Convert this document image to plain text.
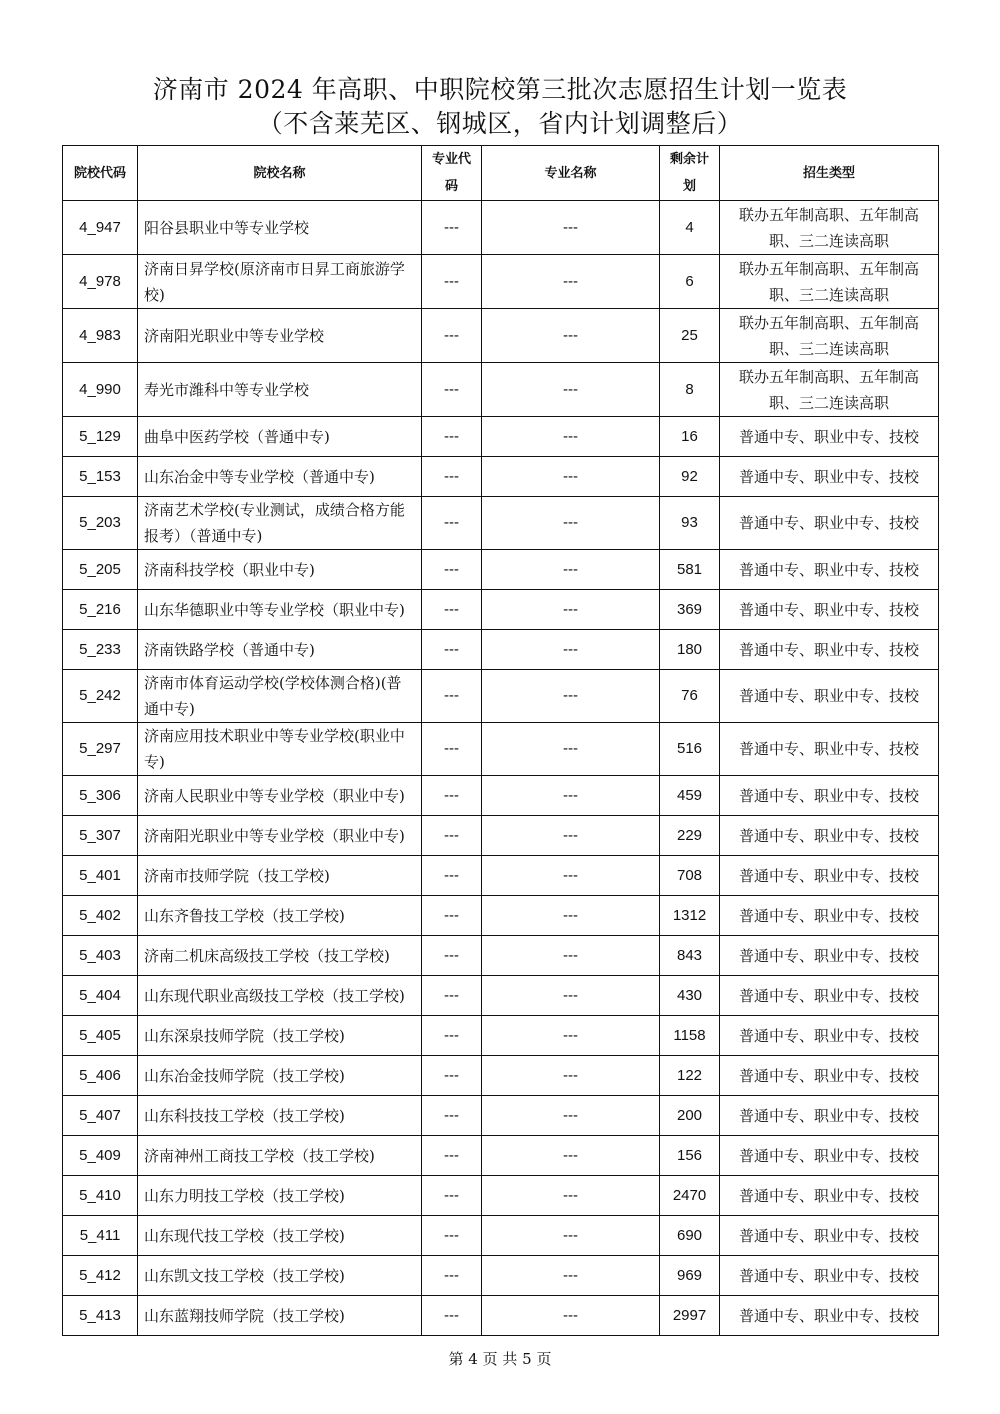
济南市 2024 年高职、中职院校第三批次志愿招生计划一览表
（不含莱芜区、钢城区，省内计划调整后）
院校代码	院校名称	专业代码	专业名称	剩余计划	招生类型
4_947	阳谷县职业中等专业学校	---	---	4	联办五年制高职、五年制高职、三二连读高职
4_978	济南日昇学校(原济南市日昇工商旅游学校)	---	---	6	联办五年制高职、五年制高职、三二连读高职
4_983	济南阳光职业中等专业学校	---	---	25	联办五年制高职、五年制高职、三二连读高职
4_990	寿光市潍科中等专业学校	---	---	8	联办五年制高职、五年制高职、三二连读高职
5_129	曲阜中医药学校（普通中专)	---	---	16	普通中专、职业中专、技校
5_153	山东冶金中等专业学校（普通中专)	---	---	92	普通中专、职业中专、技校
5_203	济南艺术学校(专业测试，成绩合格方能报考）（普通中专)	---	---	93	普通中专、职业中专、技校
5_205	济南科技学校（职业中专)	---	---	581	普通中专、职业中专、技校
5_216	山东华德职业中等专业学校（职业中专)	---	---	369	普通中专、职业中专、技校
5_233	济南铁路学校（普通中专)	---	---	180	普通中专、职业中专、技校
5_242	济南市体育运动学校(学校体测合格)(普通中专)	---	---	76	普通中专、职业中专、技校
5_297	济南应用技术职业中等专业学校(职业中专)	---	---	516	普通中专、职业中专、技校
5_306	济南人民职业中等专业学校（职业中专)	---	---	459	普通中专、职业中专、技校
5_307	济南阳光职业中等专业学校（职业中专)	---	---	229	普通中专、职业中专、技校
5_401	济南市技师学院（技工学校)	---	---	708	普通中专、职业中专、技校
5_402	山东齐鲁技工学校（技工学校)	---	---	1312	普通中专、职业中专、技校
5_403	济南二机床高级技工学校（技工学校)	---	---	843	普通中专、职业中专、技校
5_404	山东现代职业高级技工学校（技工学校)	---	---	430	普通中专、职业中专、技校
5_405	山东深泉技师学院（技工学校)	---	---	1158	普通中专、职业中专、技校
5_406	山东冶金技师学院（技工学校)	---	---	122	普通中专、职业中专、技校
5_407	山东科技技工学校（技工学校)	---	---	200	普通中专、职业中专、技校
5_409	济南神州工商技工学校（技工学校)	---	---	156	普通中专、职业中专、技校
5_410	山东力明技工学校（技工学校)	---	---	2470	普通中专、职业中专、技校
5_411	山东现代技工学校（技工学校)	---	---	690	普通中专、职业中专、技校
5_412	山东凯文技工学校（技工学校)	---	---	969	普通中专、职业中专、技校
5_413	山东蓝翔技师学院（技工学校)	---	---	2997	普通中专、职业中专、技校
第 4 页 共 5 页
